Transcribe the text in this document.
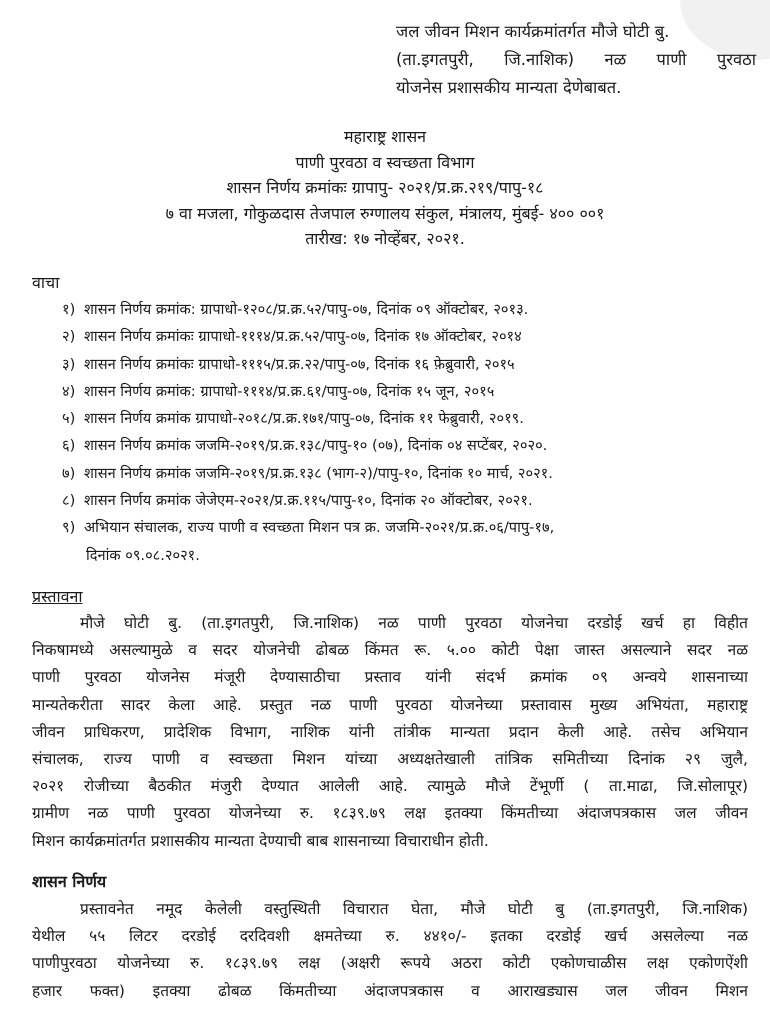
जल जीवन मिशन कार्यक्रमांतर्गत मौजे घोटी बु.
(ता.इगतपुरी, जि.नाशिक) नळ पाणी पुरवठा
योजनेस प्रशासकीय मान्यता देणेबाबत.
महाराष्ट्र शासन
पाणी पुरवठा व स्वच्छता विभाग
शासन निर्णय क्रमांकः ग्रापापु- २०२१/प्र.क्र.२१९/पापु-१८
७ वा मजला, गोकुळदास तेजपाल रुग्णालय संकुल, मंत्रालय, मुंबई- ४०० ००१
तारीख: १७ नोव्हेंबर, २०२१.
वाचा
१) शासन निर्णय क्रमांक: ग्रापाधो-१२०८/प्र.क्र.५२/पापु-०७, दिनांक ०९ ऑक्टोबर, २०१३.
२) शासन निर्णय क्रमांकः ग्रापाधो-१११४/प्र.क्र.५२/पापु-०७, दिनांक १७ ऑक्टोबर, २०१४
३) शासन निर्णय क्रमांकः ग्रापाधो-१११५/प्र.क्र.२२/पापु-०७, दिनांक १६ फ़ेब्रुवारी, २०१५
४) शासन निर्णय क्रमांक: ग्रापाधो-१११४/प्र.क्र.६१/पापु-०७, दिनांक १५ जून, २०१५
५) शासन निर्णय क्रमांक ग्रापाधो-२०१८/प्र.क्र.१७१/पापु-०७, दिनांक ११ फेब्रुवारी, २०१९.
६) शासन निर्णय क्रमांक जजमि-२०१९/प्र.क्र.१३८/पापु-१० (०७), दिनांक ०४ सप्टेंबर, २०२०.
७) शासन निर्णय क्रमांक जजमि-२०१९/प्र.क्र.१३८ (भाग-२)/पापु-१०, दिनांक १० मार्च, २०२१.
८) शासन निर्णय क्रमांक जेजेएम-२०२१/प्र.क्र.११५/पापु-१०, दिनांक २० ऑक्टोबर, २०२१.
९) अभियान संचालक, राज्य पाणी व स्वच्छता मिशन पत्र क्र. जजमि-२०२१/प्र.क्र.०६/पापु-१७,
दिनांक ०९.०८.२०२१.
प्रस्तावना
मौजे घोटी बु. (ता.इगतपुरी, जि.नाशिक) नळ पाणी पुरवठा योजनेचा दरडोई खर्च हा विहीत
निकषामध्ये असल्यामुळे व सदर योजनेची ढोबळ किंमत रू. ५.०० कोटी पेक्षा जास्त असल्याने सदर नळ
पाणी पुरवठा योजनेस मंजूरी देण्यासाठीचा प्रस्ताव यांनी संदर्भ क्रमांक ०९ अन्वये शासनाच्या
मान्यतेकरीता सादर केला आहे. प्रस्तुत नळ पाणी पुरवठा योजनेच्या प्रस्तावास मुख्य अभियंता, महाराष्ट्र
जीवन प्राधिकरण, प्रादेशिक विभाग, नाशिक यांनी तांत्रीक मान्यता प्रदान केली आहे. तसेच अभियान
संचालक, राज्य पाणी व स्वच्छता मिशन यांच्या अध्यक्षतेखाली तांत्रिक समितीच्या दिनांक २९ जुलै,
२०२१ रोजीच्या बैठकीत मंजुरी देण्यात आलेली आहे. त्यामुळे मौजे टेंभूर्णी ( ता.माढा, जि.सोलापूर)
ग्रामीण नळ पाणी पुरवठा योजनेच्या रु. १८३९.७९ लक्ष इतक्या किंमतीच्या अंदाजपत्रकास जल जीवन
मिशन कार्यक्रमांतर्गत प्रशासकीय मान्यता देण्याची बाब शासनाच्या विचाराधीन होती.
शासन निर्णय
प्रस्तावनेत नमूद केलेली वस्तुस्थिती विचारात घेता, मौजे घोटी बु (ता.इगतपुरी, जि.नाशिक)
येथील ५५ लिटर दरडोई दरदिवशी क्षमतेच्या रु. ४४१०/- इतका दरडोई खर्च असलेल्या नळ
पाणीपुरवठा योजनेच्या रु. १८३९.७९ लक्ष (अक्षरी रूपये अठरा कोटी एकोणचाळीस लक्ष एकोणऐंशी
हजार फक्त) इतक्या ढोबळ किंमतीच्या अंदाजपत्रकास व आराखड्यास जल जीवन मिशन
